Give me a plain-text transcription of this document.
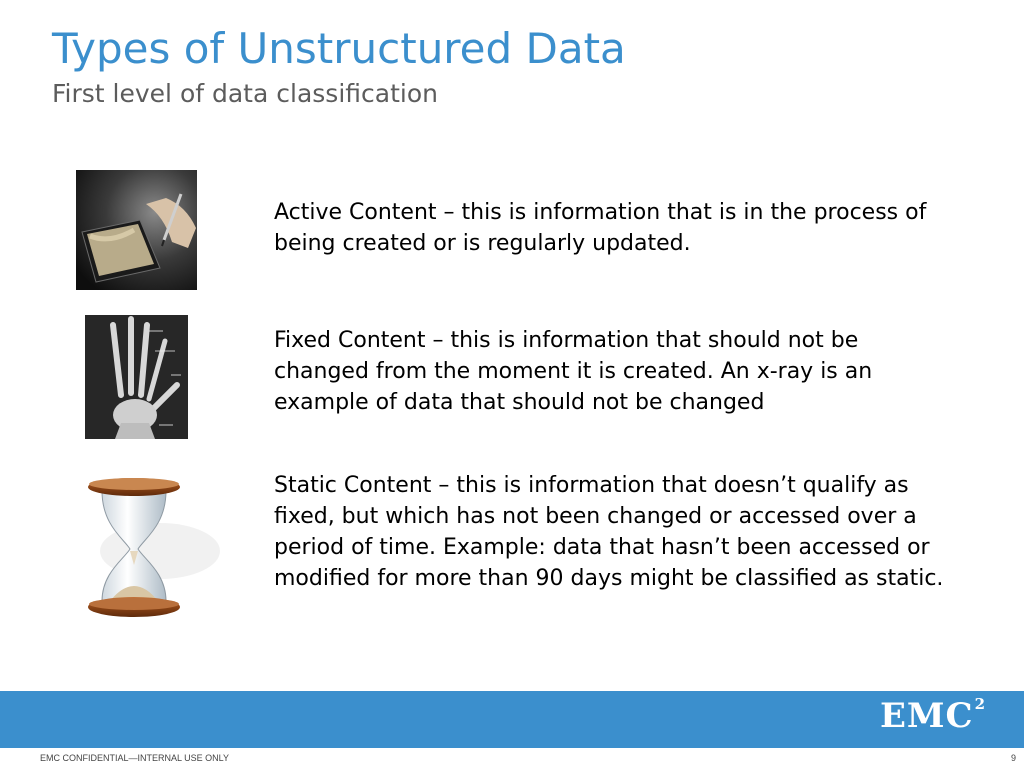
Types of Unstructured Data
First level of data classification

Active Content – this is information that is in the process of being created or is regularly updated.

Fixed Content – this is information that should not be changed from the moment it is created. An x-ray is an example of data that should not be changed

Static Content – this is information that doesn’t qualify as fixed, but which has not been changed or accessed over a period of time. Example: data that hasn’t been accessed or modified for more than 90 days might be classified as static.

EMC$^2$
EMC CONFIDENTIAL—INTERNAL USE ONLY	9
